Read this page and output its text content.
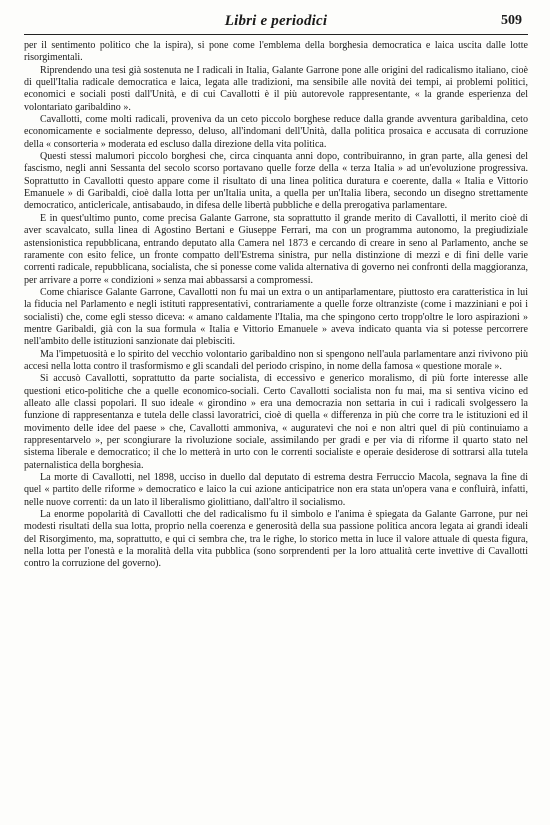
Libri e periodici	509

per il sentimento politico che la ispira), si pone come l'emblema della borghesia democratica e laica uscita dalle lotte risorgimentali.

Riprendendo una tesi già sostenuta ne I radicali in Italia, Galante Garrone pone alle origini del radicalismo italiano, cioè di quell'Italia radicale democratica e laica, legata alle tradizioni, ma sensibile alle novità dei tempi, ai problemi politici, economici e sociali posti dall'Unità, e di cui Cavallotti è il più autorevole rappresentante, « la grande esperienza del volontariato garibaldino ».

Cavallotti, come molti radicali, proveniva da un ceto piccolo borghese reduce dalla grande avventura garibaldina, ceto economicamente e socialmente depresso, deluso, all'indomani dell'Unità, dalla politica prosaica e accusata di corruzione della « consorteria » moderata ed escluso dalla direzione della vita politica.

Questi stessi malumori piccolo borghesi che, circa cinquanta anni dopo, contribuiranno, in gran parte, alla genesi del fascismo, negli anni Sessanta del secolo scorso portavano quelle forze della « terza Italia » ad un'evoluzione progressiva. Soprattutto in Cavallotti questo appare come il risultato di una linea politica duratura e coerente, dalla « Italia e Vittorio Emanuele » di Garibaldi, cioè dalla lotta per un'Italia unita, a quella per un'Italia libera, secondo un disegno strettamente democratico, anticlericale, antisabaudo, in difesa delle libertà pubbliche e della prerogativa parlamentare.

E in quest'ultimo punto, come precisa Galante Garrone, sta soprattutto il grande merito di Cavallotti, il merito cioè di aver scavalcato, sulla linea di Agostino Bertani e Giuseppe Ferrari, ma con un programma autonomo, la pregiudiziale astensionistica repubblicana, entrando deputato alla Camera nel 1873 e cercando di creare in seno al Parlamento, anche se raramente con esito felice, un fronte compatto dell'Estrema sinistra, pur nella distinzione di mezzi e di fini delle varie correnti radicale, repubblicana, socialista, che si ponesse come valida alternativa di governo nei confronti della maggioranza, per arrivare a porre « condizioni » senza mai abbassarsi a compromessi.

Come chiarisce Galante Garrone, Cavallotti non fu mai un extra o un antiparlamentare, piuttosto era caratteristica in lui la fiducia nel Parlamento e negli istituti rappresentativi, contrariamente a quelle forze oltranziste (come i mazziniani e poi i socialisti) che, come egli stesso diceva: « amano caldamente l'Italia, ma che spingono certo tropp'oltre le loro aspirazioni » mentre Garibaldi, già con la sua formula « Italia e Vittorio Emanuele » aveva indicato quanta via si potesse percorrere nell'ambito delle istituzioni sanzionate dai plebisciti.

Ma l'impetuosità e lo spirito del vecchio volontario garibaldino non si spengono nell'aula parlamentare anzi rivivono più accesi nella lotta contro il trasformismo e gli scandali del periodo crispino, in nome della famosa « questione morale ».

Si accusò Cavallotti, soprattutto da parte socialista, di eccessivo e generico moralismo, di più forte interesse alle questioni etico-politiche che a quelle economico-sociali. Certo Cavallotti socialista non fu mai, ma si sentiva vicino ed alleato alle classi popolari. Il suo ideale « girondino » era una democrazia non settaria in cui i radicali svolgessero la funzione di rappresentanza e tutela delle classi lavoratrici, cioè di quella « differenza in più che corre tra le istituzioni ed il movimento delle idee del paese » che, Cavallotti ammoniva, « auguratevi che noi e non altri quel di più continuiamo a rappresentarvelo », per scongiurare la rivoluzione sociale, assimilando per gradi e per via di riforme il quarto stato nel sistema liberale e democratico; il che lo metterà in urto con le correnti socialiste e operaie desiderose di sottrarsi alla tutela paternalistica della borghesia.

La morte di Cavallotti, nel 1898, ucciso in duello dal deputato di estrema destra Ferruccio Macola, segnava la fine di quel « partito delle riforme » democratico e laico la cui azione anticipatrice non era stata un'opera vana e confluirà, infatti, nelle nuove correnti: da un lato il liberalismo giolittiano, dall'altro il socialismo.

La enorme popolarità di Cavallotti che del radicalismo fu il simbolo e l'anima è spiegata da Galante Garrone, pur nei modesti risultati della sua lotta, proprio nella coerenza e generosità della sua passione politica ancora legata ai grandi ideali del Risorgimento, ma, soprattutto, e qui ci sembra che, tra le righe, lo storico metta in luce il valore attuale di questa figura, nella lotta per l'onestà e la moralità della vita pubblica (sono sorprendenti per la loro attualità certe invettive di Cavallotti contro la corruzione del governo).
